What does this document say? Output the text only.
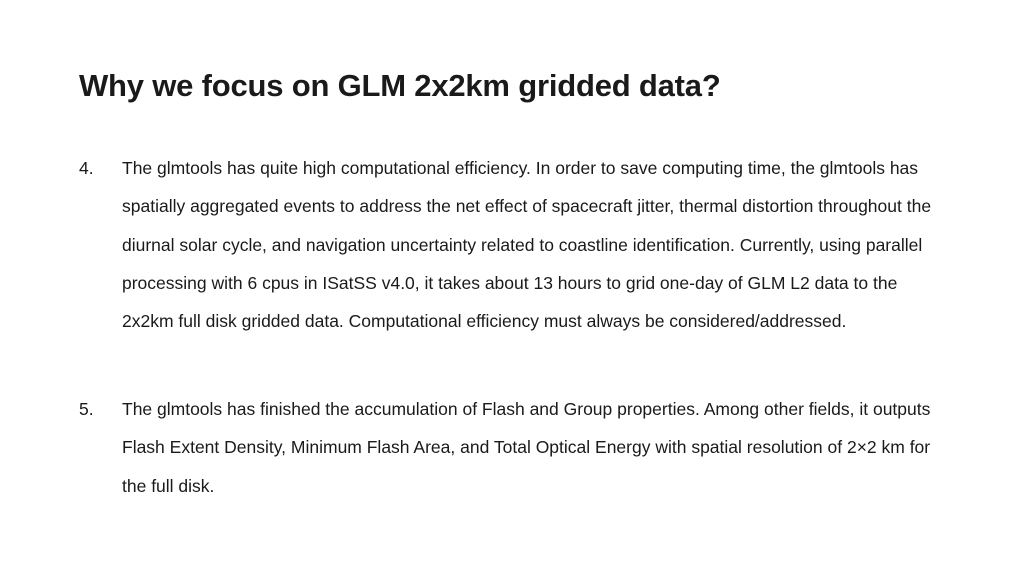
Why we focus on GLM 2x2km gridded data?
4.	The glmtools has quite high computational efficiency. In order to save computing time, the glmtools has spatially aggregated events to address the net effect of spacecraft jitter, thermal distortion throughout the diurnal solar cycle, and navigation uncertainty related to coastline identification. Currently, using parallel processing with 6 cpus in ISatSS v4.0, it takes about 13 hours to grid one-day of GLM L2 data to the 2x2km full disk gridded data. Computational efficiency must always be considered/addressed.
5.	The glmtools has finished the accumulation of Flash and Group properties. Among other fields, it outputs Flash Extent Density, Minimum Flash Area, and Total Optical Energy with spatial resolution of 2×2 km for the full disk.
